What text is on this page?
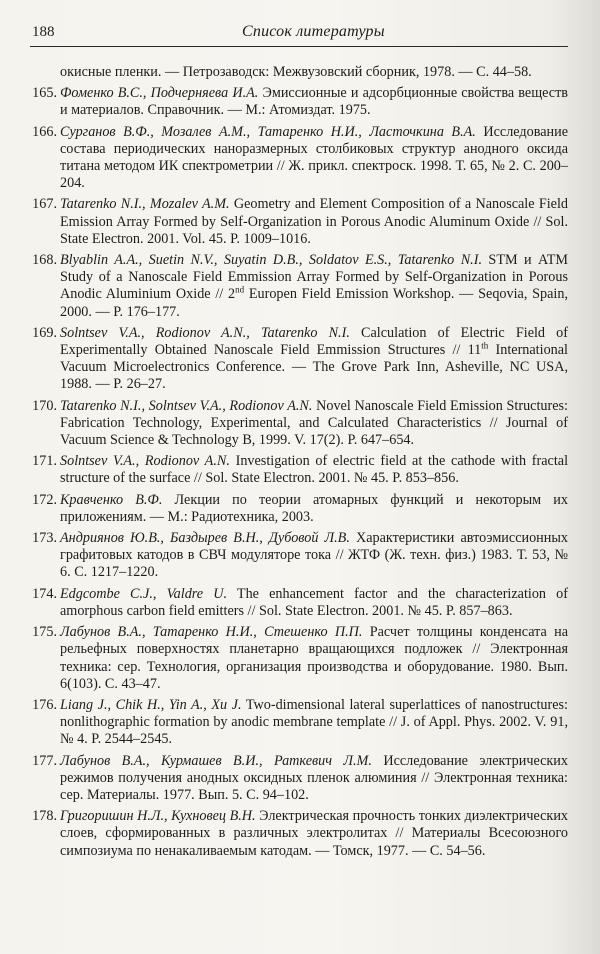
188	Список литературы
окисные пленки. — Петрозаводск: Межвузовский сборник, 1978. — С. 44–58.
165. Фоменко В.С., Подчерняева И.А. Эмиссионные и адсорбционные свойства веществ и материалов. Справочник. — М.: Атомиздат. 1975.
166. Сурганов В.Ф., Мозалев А.М., Татаренко Н.И., Ласточкина В.А. Исследование состава периодических наноразмерных столбиковых структур анодного оксида титана методом ИК спектрометрии // Ж. прикл. спектроск. 1998. Т. 65, № 2. С. 200–204.
167. Tatarenko N.I., Mozalev A.M. Geometry and Element Composition of a Nanoscale Field Emission Array Formed by Self-Organization in Porous Anodic Aluminum Oxide // Sol. State Electron. 2001. Vol. 45. P. 1009–1016.
168. Blyablin A.A., Suetin N.V., Suyatin D.B., Soldatov E.S., Tatarenko N.I. STM и ATM Study of a Nanoscale Field Emmission Array Formed by Self-Organization in Porous Anodic Aluminium Oxide // 2nd Europen Field Emission Workshop. — Seqovia, Spain, 2000. — P. 176–177.
169. Solntsev V.A., Rodionov A.N., Tatarenko N.I. Calculation of Electric Field of Experimentally Obtained Nanoscale Field Emmission Structures // 11th International Vacuum Microelectronics Conference. — The Grove Park Inn, Asheville, NC USA, 1988. — P. 26–27.
170. Tatarenko N.I., Solntsev V.A., Rodionov A.N. Novel Nanoscale Field Emission Structures: Fabrication Technology, Experimental, and Calculated Characteristics // Journal of Vacuum Science & Technology B, 1999. V. 17(2). P. 647–654.
171. Solntsev V.A., Rodionov A.N. Investigation of electric field at the cathode with fractal structure of the surface // Sol. State Electron. 2001. № 45. P. 853–856.
172. Кравченко В.Ф. Лекции по теории атомарных функций и некоторым их приложениям. — М.: Радиотехника, 2003.
173. Андриянов Ю.В., Баздырев В.Н., Дубовой Л.В. Характеристики автоэмиссионных графитовых катодов в СВЧ модуляторе тока // ЖТФ (Ж. техн. физ.) 1983. Т. 53, № 6. С. 1217–1220.
174. Edgcombe C.J., Valdre U. The enhancement factor and the characterization of amorphous carbon field emitters // Sol. State Electron. 2001. № 45. P. 857–863.
175. Лабунов В.А., Татаренко Н.И., Стешенко П.П. Расчет толщины конденсата на рельефных поверхностях планетарно вращающихся подложек // Электронная техника: сер. Технология, организация производства и оборудование. 1980. Вып. 6(103). С. 43–47.
176. Liang J., Chik H., Yin A., Xu J. Two-dimensional lateral superlattices of nanostructures: nonlithographic formation by anodic membrane template // J. of Appl. Phys. 2002. V. 91, № 4. P. 2544–2545.
177. Лабунов В.А., Курмашев В.И., Раткевич Л.М. Исследование электрических режимов получения анодных оксидных пленок алюминия // Электронная техника: сер. Материалы. 1977. Вып. 5. С. 94–102.
178. Григоришин Н.Л., Кухновец В.Н. Электрическая прочность тонких диэлектрических слоев, сформированных в различных электролитах // Материалы Всесоюзного симпозиума по ненакаливаемым катодам. — Томск, 1977. — С. 54–56.
